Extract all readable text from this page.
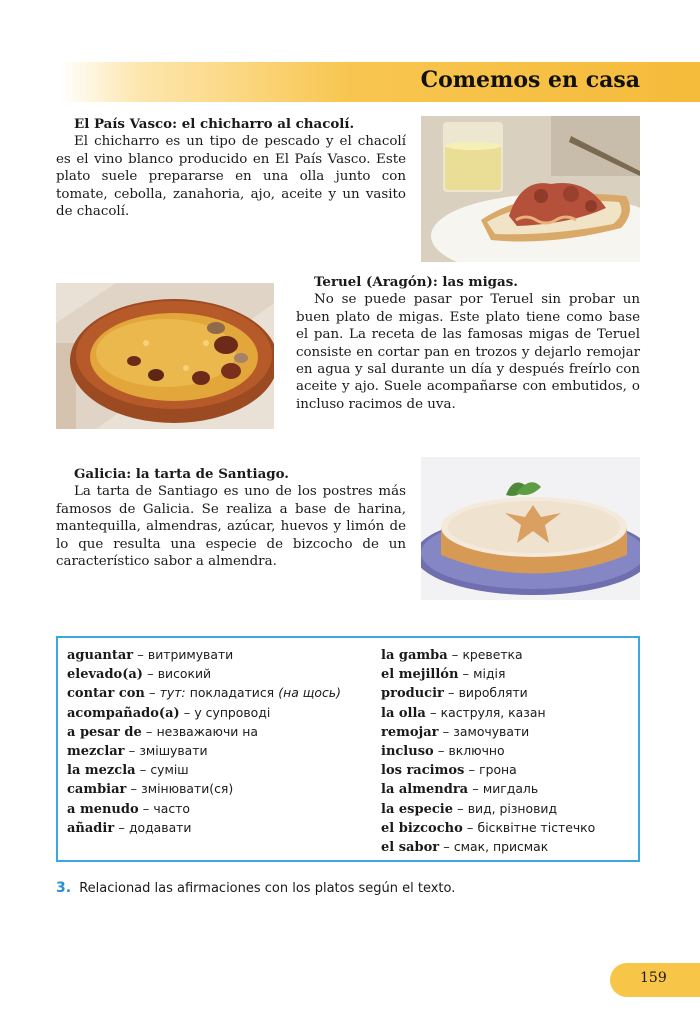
Comemos en casa
El País Vasco: el chicharro al chacolí.

El chicharro es un tipo de pescado y el chacolí es el vino blanco producido en El País Vasco. Este plato suele prepararse en una olla junto con tomate, cebolla, zanahoria, ajo, aceite y un vasito de chacolí.

Teruel (Aragón): las migas.

No se puede pasar por Teruel sin probar un buen plato de migas. Este plato tiene como base el pan. La receta de las famosas migas de Teruel consiste en cortar pan en trozos y dejarlo remojar en agua y sal durante un día y después freírlo con aceite y ajo. Suele acompañarse con embutidos, o incluso racimos de uva.

Galicia: la tarta de Santiago.

La tarta de Santiago es uno de los postres más famosos de Galicia. Se realiza a base de harina, mantequilla, almendras, azúcar, huevos y limón de lo que resulta una especie de bizcocho de un característico sabor a almendra.

aguantar – витримувати
elevado(a) – високий
contar con – тут: покладатися (на щось)
acompañado(a) – у супроводі
a pesar de – незважаючи на
mezclar – змішувати
la mezcla – суміш
cambiar – змінювати(ся)
a menudo – часто
añadir – додавати
la gamba – креветка
el mejillón – мідія
producir – виробляти
la olla – каструля, казан
remojar – замочувати
incluso – включно
los racimos – грона
la almendra – мигдаль
la especie – вид, різновид
el bizcocho – бісквітне тістечко
el sabor – смак, присмак
3. Relacionad las afirmaciones con los platos según el texto.
159
